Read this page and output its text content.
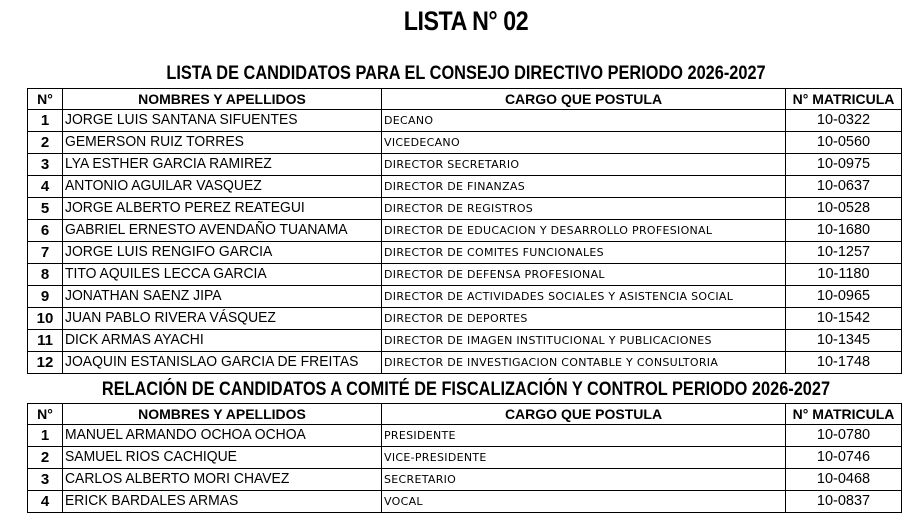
LISTA N° 02
LISTA DE CANDIDATOS PARA EL CONSEJO DIRECTIVO PERIODO 2026-2027
N°	NOMBRES Y APELLIDOS	CARGO QUE POSTULA	N° MATRICULA
1	JORGE LUIS SANTANA SIFUENTES	DECANO	10-0322
2	GEMERSON RUIZ TORRES	VICEDECANO	10-0560
3	LYA ESTHER GARCIA RAMIREZ	DIRECTOR SECRETARIO	10-0975
4	ANTONIO AGUILAR VASQUEZ	DIRECTOR DE FINANZAS	10-0637
5	JORGE ALBERTO PEREZ REATEGUI	DIRECTOR DE REGISTROS	10-0528
6	GABRIEL ERNESTO AVENDAÑO TUANAMA	DIRECTOR DE EDUCACION Y DESARROLLO PROFESIONAL	10-1680
7	JORGE LUIS RENGIFO GARCIA	DIRECTOR DE COMITES FUNCIONALES	10-1257
8	TITO AQUILES LECCA GARCIA	DIRECTOR DE DEFENSA PROFESIONAL	10-1180
9	JONATHAN SAENZ JIPA	DIRECTOR DE ACTIVIDADES SOCIALES Y ASISTENCIA SOCIAL	10-0965
10	JUAN PABLO RIVERA VÁSQUEZ	DIRECTOR DE DEPORTES	10-1542
11	DICK ARMAS AYACHI	DIRECTOR DE IMAGEN INSTITUCIONAL Y PUBLICACIONES	10-1345
12	JOAQUIN ESTANISLAO GARCIA DE FREITAS	DIRECTOR DE INVESTIGACION CONTABLE Y CONSULTORIA	10-1748
RELACIÓN DE CANDIDATOS A COMITÉ DE FISCALIZACIÓN Y CONTROL PERIODO 2026-2027
N°	NOMBRES Y APELLIDOS	CARGO QUE POSTULA	N° MATRICULA
1	MANUEL ARMANDO OCHOA OCHOA	PRESIDENTE	10-0780
2	SAMUEL RIOS CACHIQUE	VICE-PRESIDENTE	10-0746
3	CARLOS ALBERTO MORI CHAVEZ	SECRETARIO	10-0468
4	ERICK BARDALES ARMAS	VOCAL	10-0837
